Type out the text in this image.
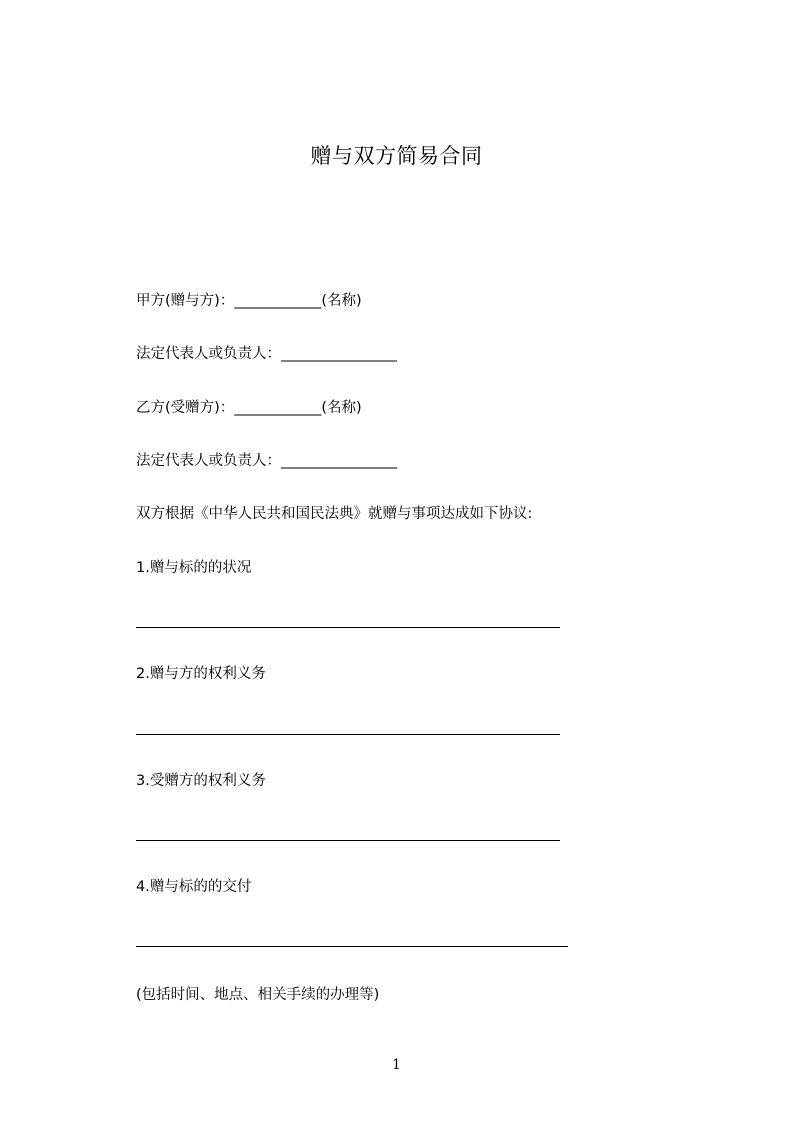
赠与双方简易合同
甲方(赠与方)：____________(名称)
法定代表人或负责人：________________
乙方(受赠方)：____________(名称)
法定代表人或负责人：________________
双方根据《中华人民共和国民法典》就赠与事项达成如下协议:
1.赠与标的的状况
2.赠与方的权利义务
3.受赠方的权利义务
4.赠与标的的交付
(包括时间、地点、相关手续的办理等)
1
